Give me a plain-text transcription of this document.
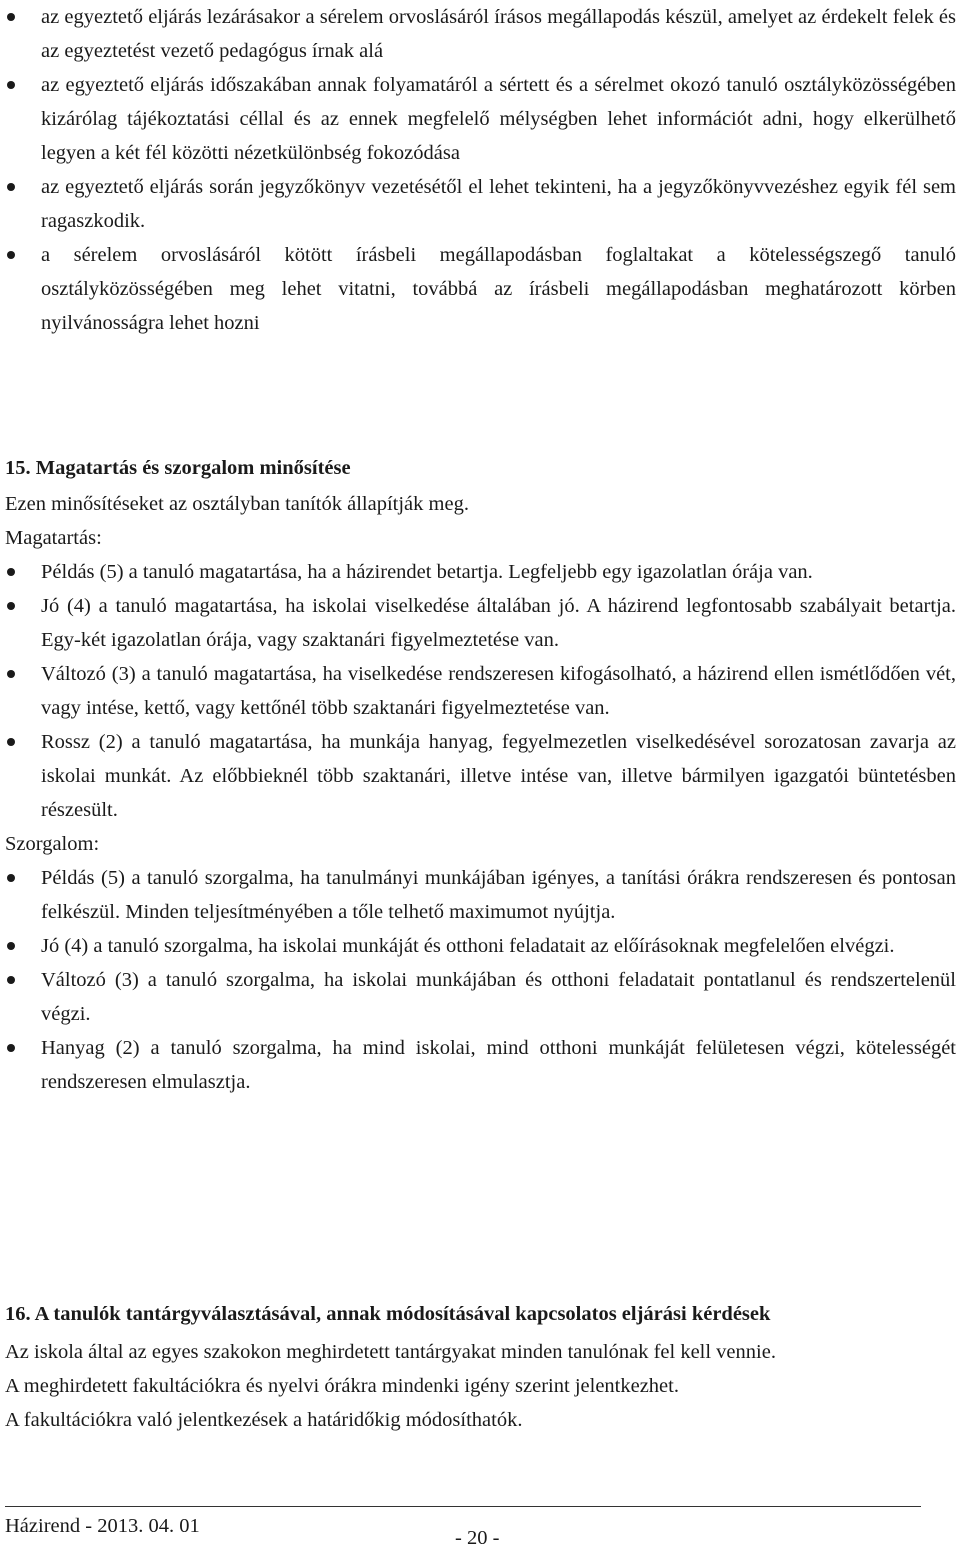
az egyeztető eljárás lezárásakor a sérelem orvoslásáról írásos megállapodás készül, amelyet az érdekelt felek és az egyeztetést vezető pedagógus írnak alá
az egyeztető eljárás időszakában annak folyamatáról a sértett és a sérelmet okozó tanuló osztályközösségében kizárólag tájékoztatási céllal és az ennek megfelelő mélységben lehet információt adni, hogy elkerülhető legyen a két fél közötti nézetkülönbség fokozódása
az egyeztető eljárás során jegyzőkönyv vezetésétől el lehet tekinteni, ha a jegyzőkönyvvezéshez egyik fél sem ragaszkodik.
a sérelem orvoslásáról kötött írásbeli megállapodásban foglaltakat a kötelességszegő tanuló osztályközösségében meg lehet vitatni, továbbá az írásbeli megállapodásban meghatározott körben nyilvánosságra lehet hozni

15. Magatartás és szorgalom minősítése

Ezen minősítéseket az osztályban tanítók állapítják meg.

Magatartás:

Példás (5) a tanuló magatartása, ha a házirendet betartja. Legfeljebb egy igazolatlan órája van.
Jó (4) a tanuló magatartása, ha iskolai viselkedése általában jó. A házirend legfontosabb szabályait betartja. Egy-két igazolatlan órája, vagy szaktanári figyelmeztetése van.
Változó (3) a tanuló magatartása, ha viselkedése rendszeresen kifogásolható, a házirend ellen ismétlődően vét, vagy intése, kettő, vagy kettőnél több szaktanári figyelmeztetése van.
Rossz (2) a tanuló magatartása, ha munkája hanyag, fegyelmezetlen viselkedésével sorozatosan zavarja az iskolai munkát. Az előbbieknél több szaktanári, illetve intése van, illetve bármilyen igazgatói büntetésben részesült.

Szorgalom:

Példás (5) a tanuló szorgalma, ha tanulmányi munkájában igényes, a tanítási órákra rendszeresen és pontosan felkészül. Minden teljesítményében a tőle telhető maximumot nyújtja.
Jó (4) a tanuló szorgalma, ha iskolai munkáját és otthoni feladatait az előírásoknak megfelelően elvégzi.
Változó (3) a tanuló szorgalma, ha iskolai munkájában és otthoni feladatait pontatlanul és rendszertelenül végzi.
Hanyag (2) a tanuló szorgalma, ha mind iskolai, mind otthoni munkáját felületesen végzi, kötelességét rendszeresen elmulasztja.

16. A tanulók tantárgyválasztásával, annak módosításával kapcsolatos eljárási kérdések

Az iskola által az egyes szakokon meghirdetett tantárgyakat minden tanulónak fel kell vennie.

A meghirdetett fakultációkra és nyelvi órákra mindenki igény szerint jelentkezhet.

A fakultációkra való jelentkezések a határidőkig módosíthatók.

Házirend - 2013. 04. 01
- 20 -
